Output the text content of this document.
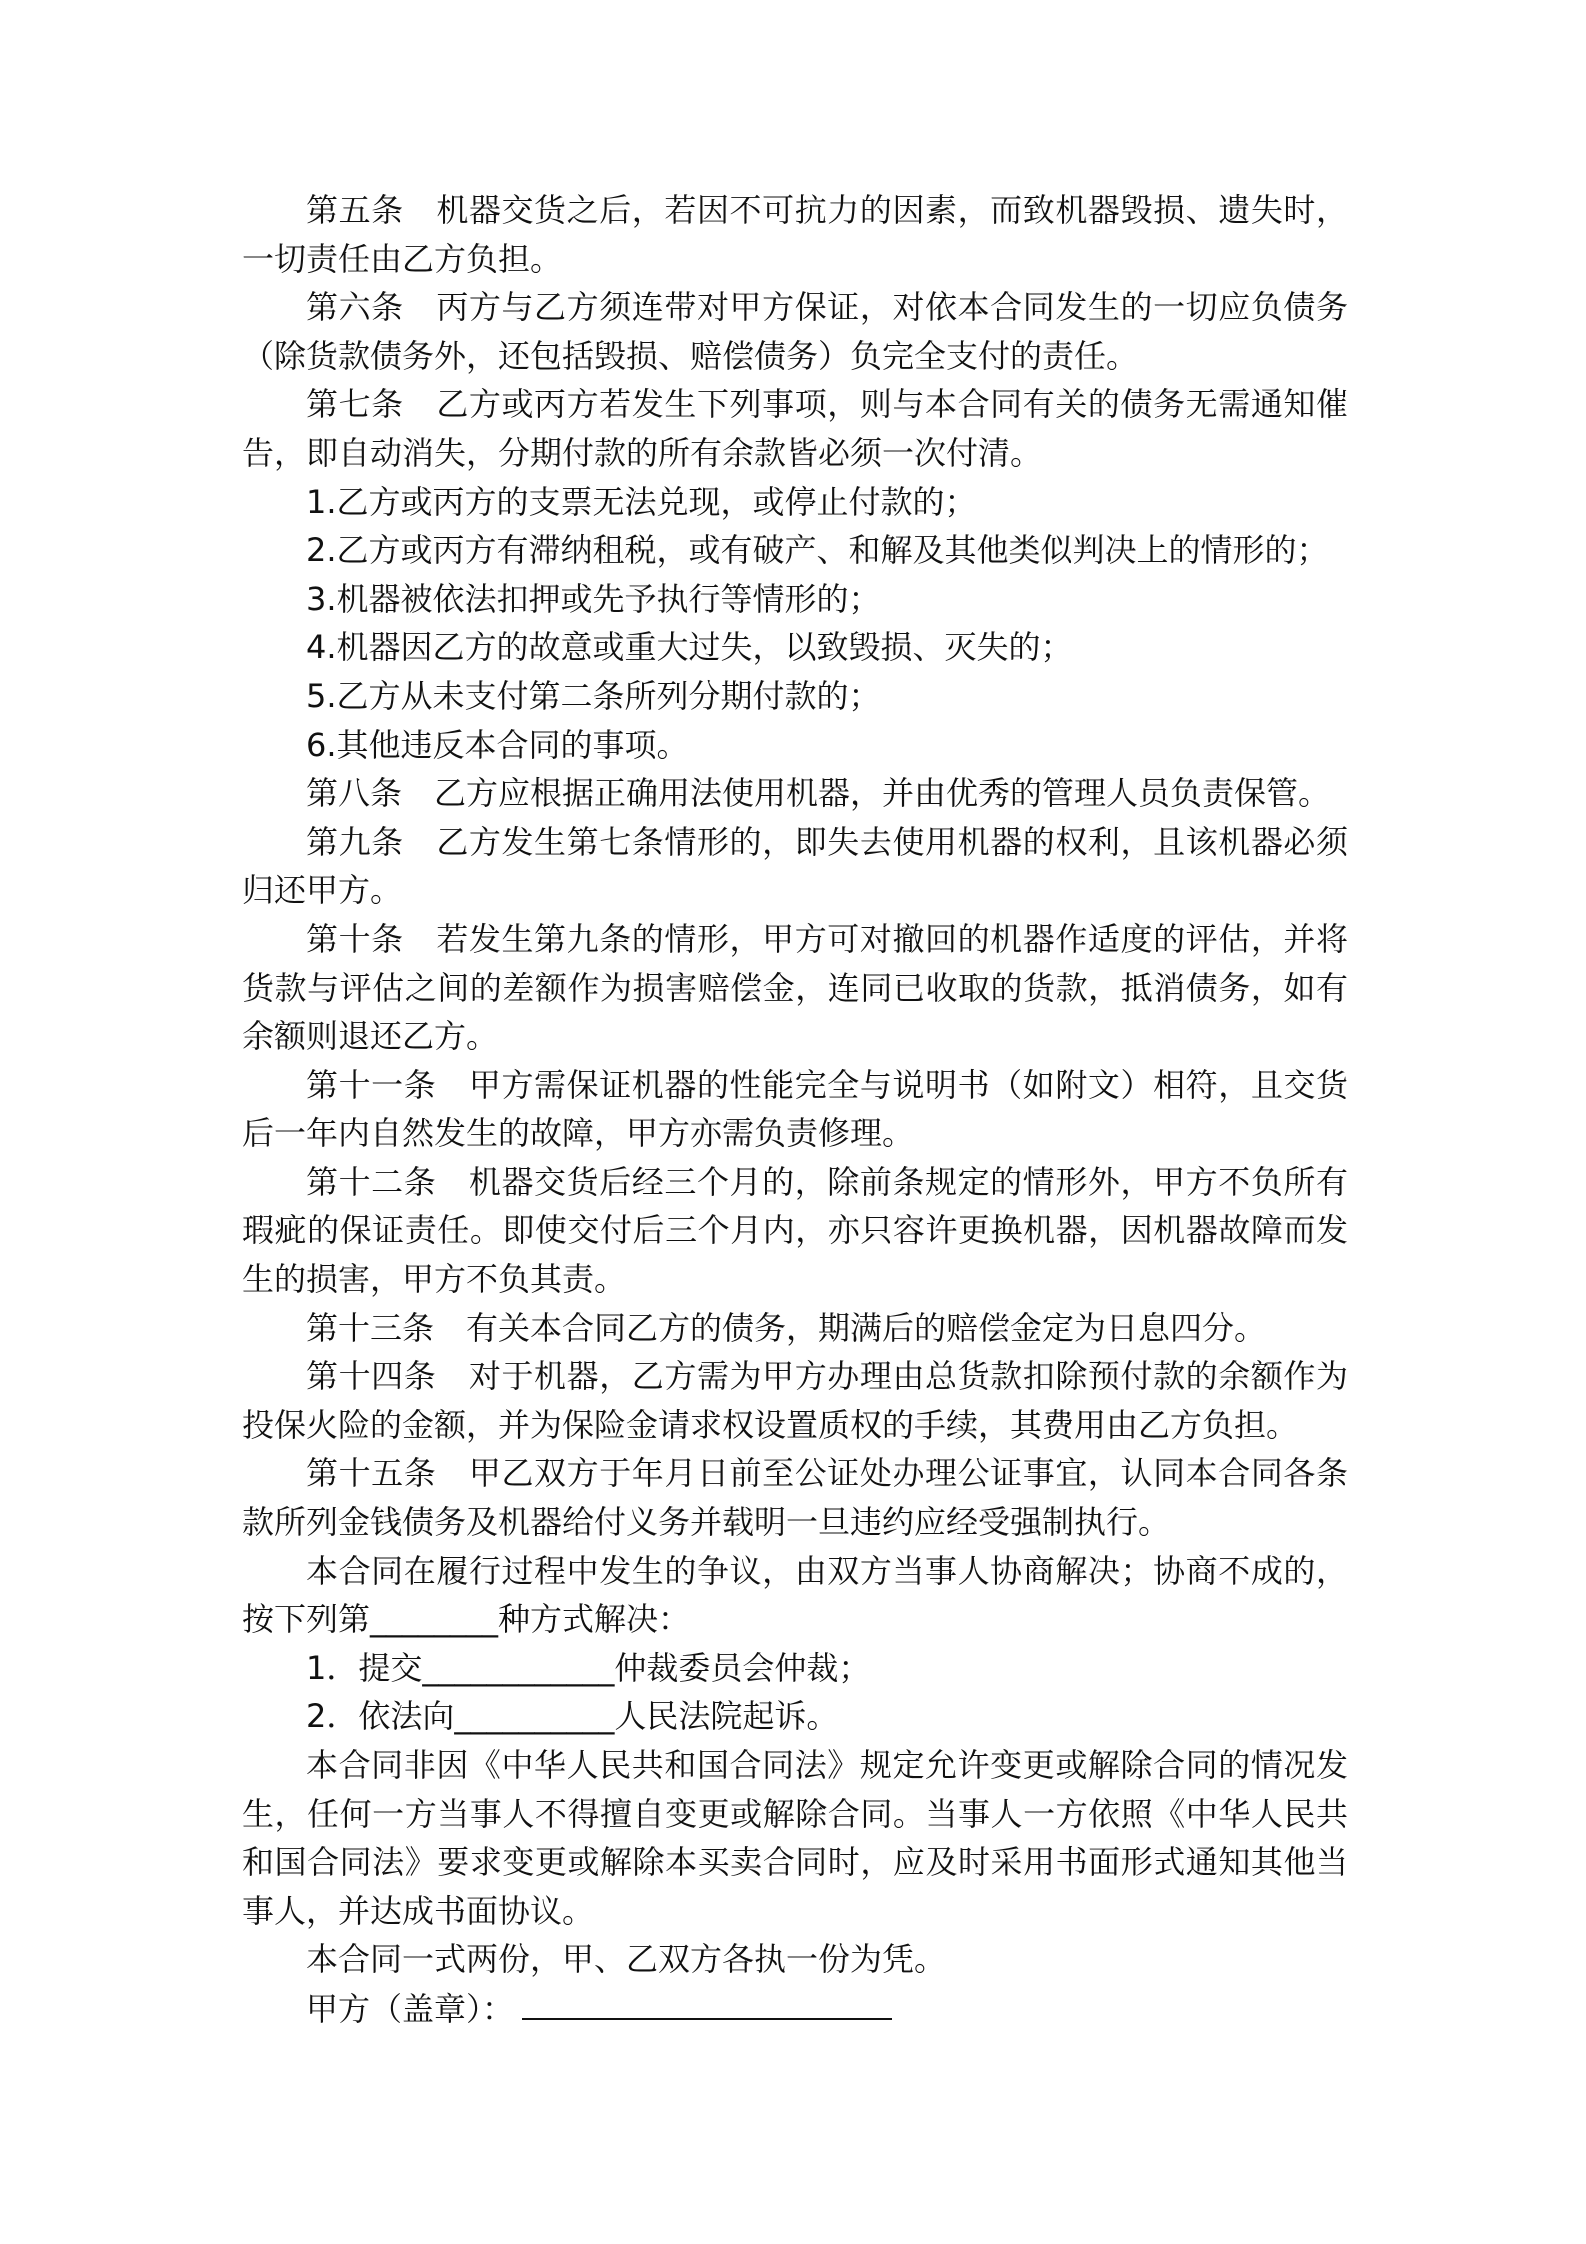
第五条　机器交货之后，若因不可抗力的因素，而致机器毁损、遗失时，一切责任由乙方负担。

第六条　丙方与乙方须连带对甲方保证，对依本合同发生的一切应负债务（除货款债务外，还包括毁损、赔偿债务）负完全支付的责任。

第七条　乙方或丙方若发生下列事项，则与本合同有关的债务无需通知催告，即自动消失，分期付款的所有余款皆必须一次付清。

1.乙方或丙方的支票无法兑现，或停止付款的；

2.乙方或丙方有滞纳租税，或有破产、和解及其他类似判决上的情形的；

3.机器被依法扣押或先予执行等情形的；

4.机器因乙方的故意或重大过失，以致毁损、灭失的；

5.乙方从未支付第二条所列分期付款的；

6.其他违反本合同的事项。

第八条　乙方应根据正确用法使用机器，并由优秀的管理人员负责保管。

第九条　乙方发生第七条情形的，即失去使用机器的权利，且该机器必须归还甲方。

第十条　若发生第九条的情形，甲方可对撤回的机器作适度的评估，并将货款与评估之间的差额作为损害赔偿金，连同已收取的货款，抵消债务，如有余额则退还乙方。

第十一条　甲方需保证机器的性能完全与说明书（如附文）相符，且交货后一年内自然发生的故障，甲方亦需负责修理。

第十二条　机器交货后经三个月的，除前条规定的情形外，甲方不负所有瑕疵的保证责任。即使交付后三个月内，亦只容许更换机器，因机器故障而发生的损害，甲方不负其责。

第十三条　有关本合同乙方的债务，期满后的赔偿金定为日息四分。

第十四条　对于机器，乙方需为甲方办理由总货款扣除预付款的余额作为投保火险的金额，并为保险金请求权设置质权的手续，其费用由乙方负担。

第十五条　甲乙双方于年月日前至公证处办理公证事宜，认同本合同各条款所列金钱债务及机器给付义务并载明一旦违约应经受强制执行。

本合同在履行过程中发生的争议，由双方当事人协商解决；协商不成的，按下列第________种方式解决：

1．提交____________仲裁委员会仲裁；

2．依法向__________人民法院起诉。

本合同非因《中华人民共和国合同法》规定允许变更或解除合同的情况发生，任何一方当事人不得擅自变更或解除合同。当事人一方依照《中华人民共和国合同法》要求变更或解除本买卖合同时，应及时采用书面形式通知其他当事人，并达成书面协议。

本合同一式两份，甲、乙双方各执一份为凭。

甲方（盖章）：
